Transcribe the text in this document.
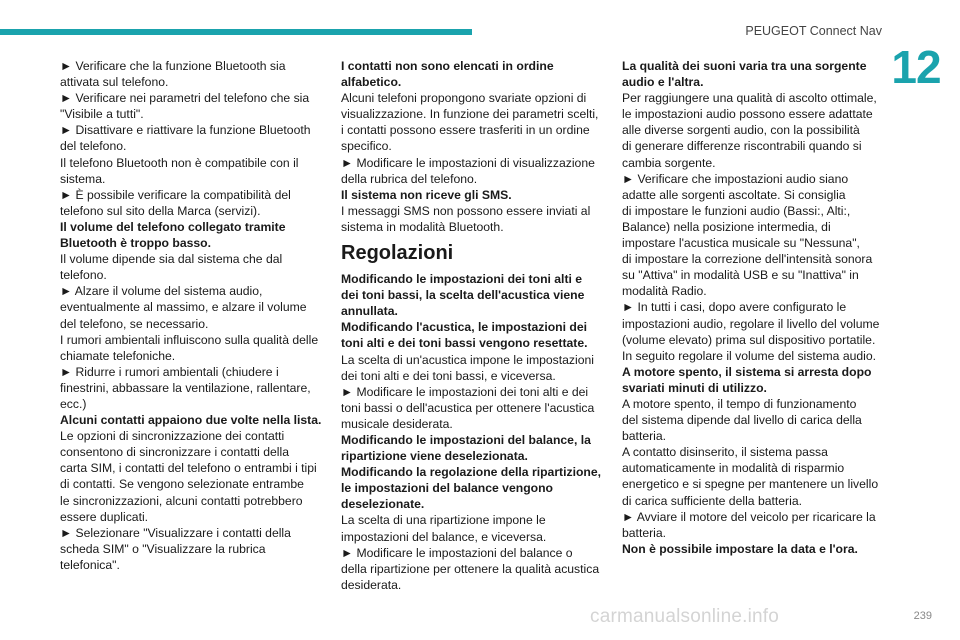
PEUGEOT Connect Nav
12

► Verificare che la funzione Bluetooth sia
attivata sul telefono.

► Verificare nei parametri del telefono che sia
"Visibile a tutti".

► Disattivare e riattivare la funzione Bluetooth
del telefono.

Il telefono Bluetooth non è compatibile con il
sistema.

► È possibile verificare la compatibilità del
telefono sul sito della Marca (servizi).

Il volume del telefono collegato tramite
Bluetooth è troppo basso.

Il volume dipende sia dal sistema che dal
telefono.

► Alzare il volume del sistema audio,
eventualmente al massimo, e alzare il volume
del telefono, se necessario.

I rumori ambientali influiscono sulla qualità delle
chiamate telefoniche.

► Ridurre i rumori ambientali (chiudere i
finestrini, abbassare la ventilazione, rallentare,
ecc.)

Alcuni contatti appaiono due volte nella lista.

Le opzioni di sincronizzazione dei contatti
consentono di sincronizzare i contatti della
carta SIM, i contatti del telefono o entrambi i tipi
di contatti. Se vengono selezionate entrambe
le sincronizzazioni, alcuni contatti potrebbero
essere duplicati.

► Selezionare "Visualizzare i contatti della
scheda SIM" o "Visualizzare la rubrica
telefonica".

I contatti non sono elencati in ordine
alfabetico.

Alcuni telefoni propongono svariate opzioni di
visualizzazione. In funzione dei parametri scelti,
i contatti possono essere trasferiti in un ordine
specifico.

► Modificare le impostazioni di visualizzazione
della rubrica del telefono.

Il sistema non riceve gli SMS.

I messaggi SMS non possono essere inviati al
sistema in modalità Bluetooth.

Regolazioni

Modificando le impostazioni dei toni alti e
dei toni bassi, la scelta dell'acustica viene
annullata.
Modificando l'acustica, le impostazioni dei
toni alti e dei toni bassi vengono resettate.

La scelta di un'acustica impone le impostazioni
dei toni alti e dei toni bassi, e viceversa.

► Modificare le impostazioni dei toni alti e dei
toni bassi o dell'acustica per ottenere l'acustica
musicale desiderata.

Modificando le impostazioni del balance, la
ripartizione viene deselezionata.
Modificando la regolazione della ripartizione,
le impostazioni del balance vengono
deselezionate.

La scelta di una ripartizione impone le
impostazioni del balance, e viceversa.

► Modificare le impostazioni del balance o
della ripartizione per ottenere la qualità acustica
desiderata.

La qualità dei suoni varia tra una sorgente
audio e l'altra.

Per raggiungere una qualità di ascolto ottimale,
le impostazioni audio possono essere adattate
alle diverse sorgenti audio, con la possibilità
di generare differenze riscontrabili quando si
cambia sorgente.

► Verificare che impostazioni audio siano
adatte alle sorgenti ascoltate. Si consiglia
di impostare le funzioni audio (Bassi:, Alti:,
Balance) nella posizione intermedia, di
impostare l'acustica musicale su "Nessuna",
di impostare la correzione dell'intensità sonora
su "Attiva" in modalità USB e su "Inattiva" in
modalità Radio.

► In tutti i casi, dopo avere configurato le
impostazioni audio, regolare il livello del volume
(volume elevato) prima sul dispositivo portatile.
In seguito regolare il volume del sistema audio.

A motore spento, il sistema si arresta dopo
svariati minuti di utilizzo.

A motore spento, il tempo di funzionamento
del sistema dipende dal livello di carica della
batteria.

A contatto disinserito, il sistema passa
automaticamente in modalità di risparmio
energetico e si spegne per mantenere un livello
di carica sufficiente della batteria.

► Avviare il motore del veicolo per ricaricare la
batteria.

Non è possibile impostare la data e l'ora.

carmanualsonline.info	239
